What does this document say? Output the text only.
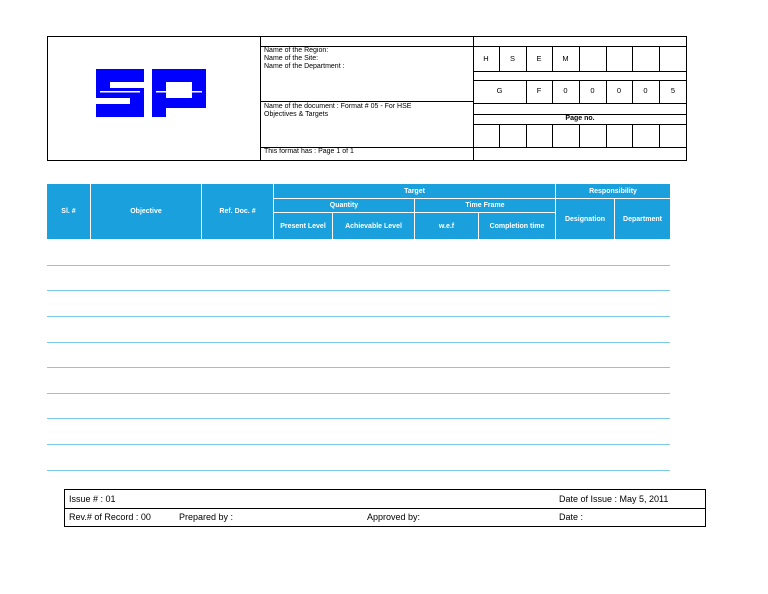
Name of the Region:
Name of the Site:
Name of the Department :
Name of the document : Format # 05 - For HSE
Objectives & Targets
This format has : Page 1 of 1
H	S	E	M
G	F	0	0	0	0	5
Page no.
Sl. #	Objective	Ref. Doc. #
Target
Quantity	Time Frame
Present Level	Achievable Level	w.e.f	Completion time
Responsibility
Designation	Department
Issue # : 01	Date of Issue : May 5, 2011
Rev.# of Record : 00	Prepared by :	Approved by:	Date :
